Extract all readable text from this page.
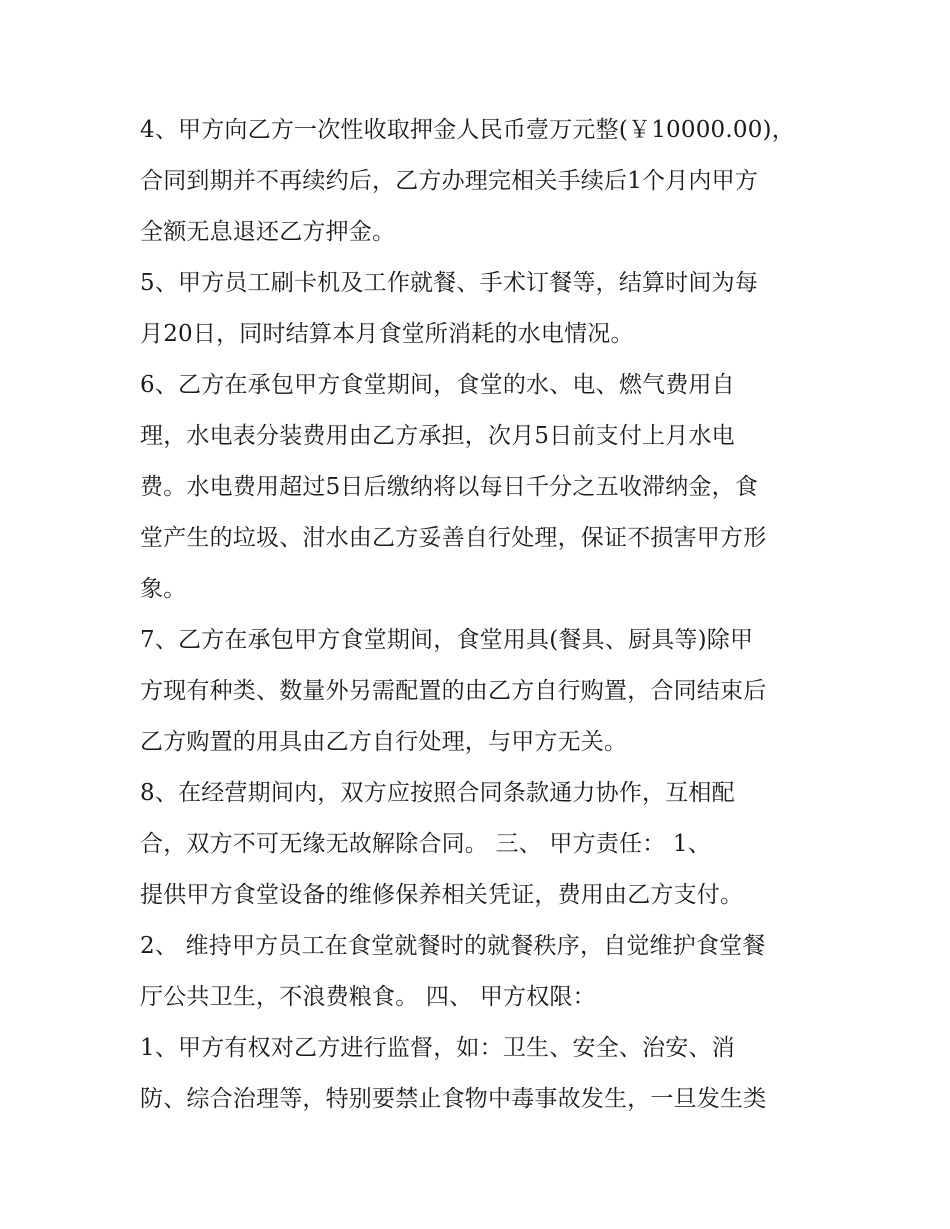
4、甲方向乙方一次性收取押金人民币壹万元整(￥10000.00)，
合同到期并不再续约后，乙方办理完相关手续后1个月内甲方
全额无息退还乙方押金。
5、甲方员工刷卡机及工作就餐、手术订餐等，结算时间为每
月20日，同时结算本月食堂所消耗的水电情况。
6、乙方在承包甲方食堂期间，食堂的水、电、燃气费用自
理，水电表分装费用由乙方承担，次月5日前支付上月水电
费。水电费用超过5日后缴纳将以每日千分之五收滞纳金，食
堂产生的垃圾、泔水由乙方妥善自行处理，保证不损害甲方形
象。
7、乙方在承包甲方食堂期间，食堂用具(餐具、厨具等)除甲
方现有种类、数量外另需配置的由乙方自行购置，合同结束后
乙方购置的用具由乙方自行处理，与甲方无关。
8、在经营期间内，双方应按照合同条款通力协作，互相配
合，双方不可无缘无故解除合同。 三、 甲方责任： 1、
提供甲方食堂设备的维修保养相关凭证，费用由乙方支付。
2、 维持甲方员工在食堂就餐时的就餐秩序，自觉维护食堂餐
厅公共卫生，不浪费粮食。 四、 甲方权限：
1、甲方有权对乙方进行监督，如：卫生、安全、治安、消
防、综合治理等，特别要禁止食物中毒事故发生，一旦发生类
